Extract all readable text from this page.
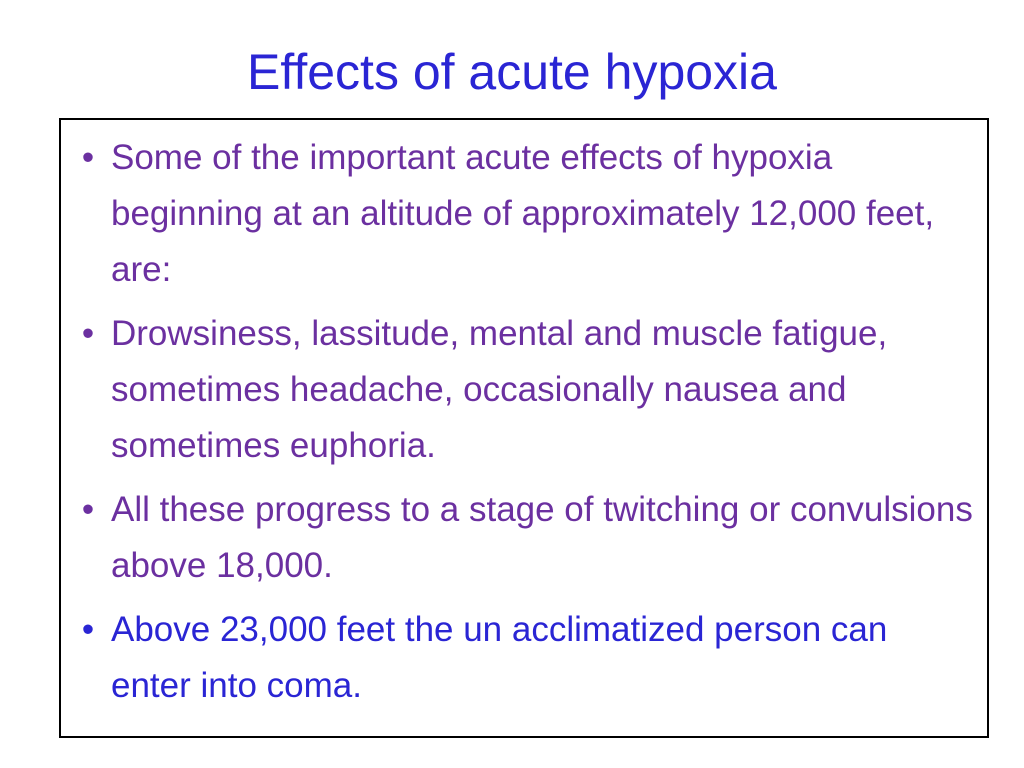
Effects of acute hypoxia
• Some of the important acute effects of hypoxia beginning at an altitude of approximately 12,000 feet, are:
• Drowsiness, lassitude, mental and muscle fatigue, sometimes headache, occasionally nausea and sometimes euphoria.
• All these progress to a stage of twitching or convulsions above 18,000.
• Above 23,000 feet the un acclimatized person can enter into coma.
